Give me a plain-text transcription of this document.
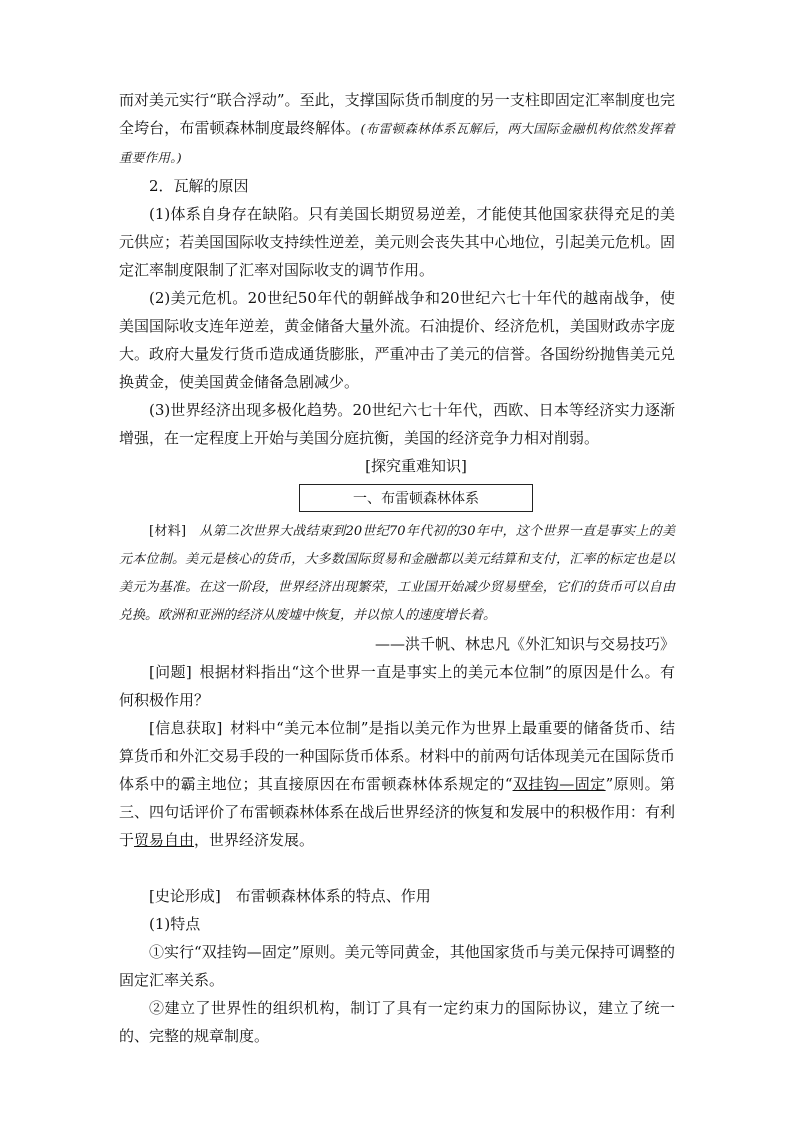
而对美元实行“联合浮动”。至此，支撑国际货币制度的另一支柱即固定汇率制度也完全垮台，布雷顿森林制度最终解体。(布雷顿森林体系瓦解后，两大国际金融机构依然发挥着重要作用。)

2．瓦解的原因

(1)体系自身存在缺陷。只有美国长期贸易逆差，才能使其他国家获得充足的美元供应；若美国国际收支持续性逆差，美元则会丧失其中心地位，引起美元危机。固定汇率制度限制了汇率对国际收支的调节作用。

(2)美元危机。20世纪50年代的朝鲜战争和20世纪六七十年代的越南战争，使美国国际收支连年逆差，黄金储备大量外流。石油提价、经济危机，美国财政赤字庞大。政府大量发行货币造成通货膨胀，严重冲击了美元的信誉。各国纷纷抛售美元兑换黄金，使美国黄金储备急剧减少。

(3)世界经济出现多极化趋势。20世纪六七十年代，西欧、日本等经济实力逐渐增强，在一定程度上开始与美国分庭抗衡，美国的经济竞争力相对削弱。

[探究重难知识]

一、布雷顿森林体系

[材料]  从第二次世界大战结束到20世纪70年代初的30年中，这个世界一直是事实上的美元本位制。美元是核心的货币，大多数国际贸易和金融都以美元结算和支付，汇率的标定也是以美元为基准。在这一阶段，世界经济出现繁荣，工业国开始减少贸易壁垒，它们的货币可以自由兑换。欧洲和亚洲的经济从废墟中恢复，并以惊人的速度增长着。

——洪千帆、林忠凡《外汇知识与交易技巧》

[问题]  根据材料指出“这个世界一直是事实上的美元本位制”的原因是什么。有何积极作用？

[信息获取]  材料中“美元本位制”是指以美元作为世界上最重要的储备货币、结算货币和外汇交易手段的一种国际货币体系。材料中的前两句话体现美元在国际货币体系中的霸主地位；其直接原因在布雷顿森林体系规定的“双挂钩—固定”原则。第三、四句话评价了布雷顿森林体系在战后世界经济的恢复和发展中的积极作用：有利于贸易自由，世界经济发展。

[史论形成]  布雷顿森林体系的特点、作用

(1)特点

①实行“双挂钩—固定”原则。美元等同黄金，其他国家货币与美元保持可调整的固定汇率关系。

②建立了世界性的组织机构，制订了具有一定约束力的国际协议，建立了统一的、完整的规章制度。
